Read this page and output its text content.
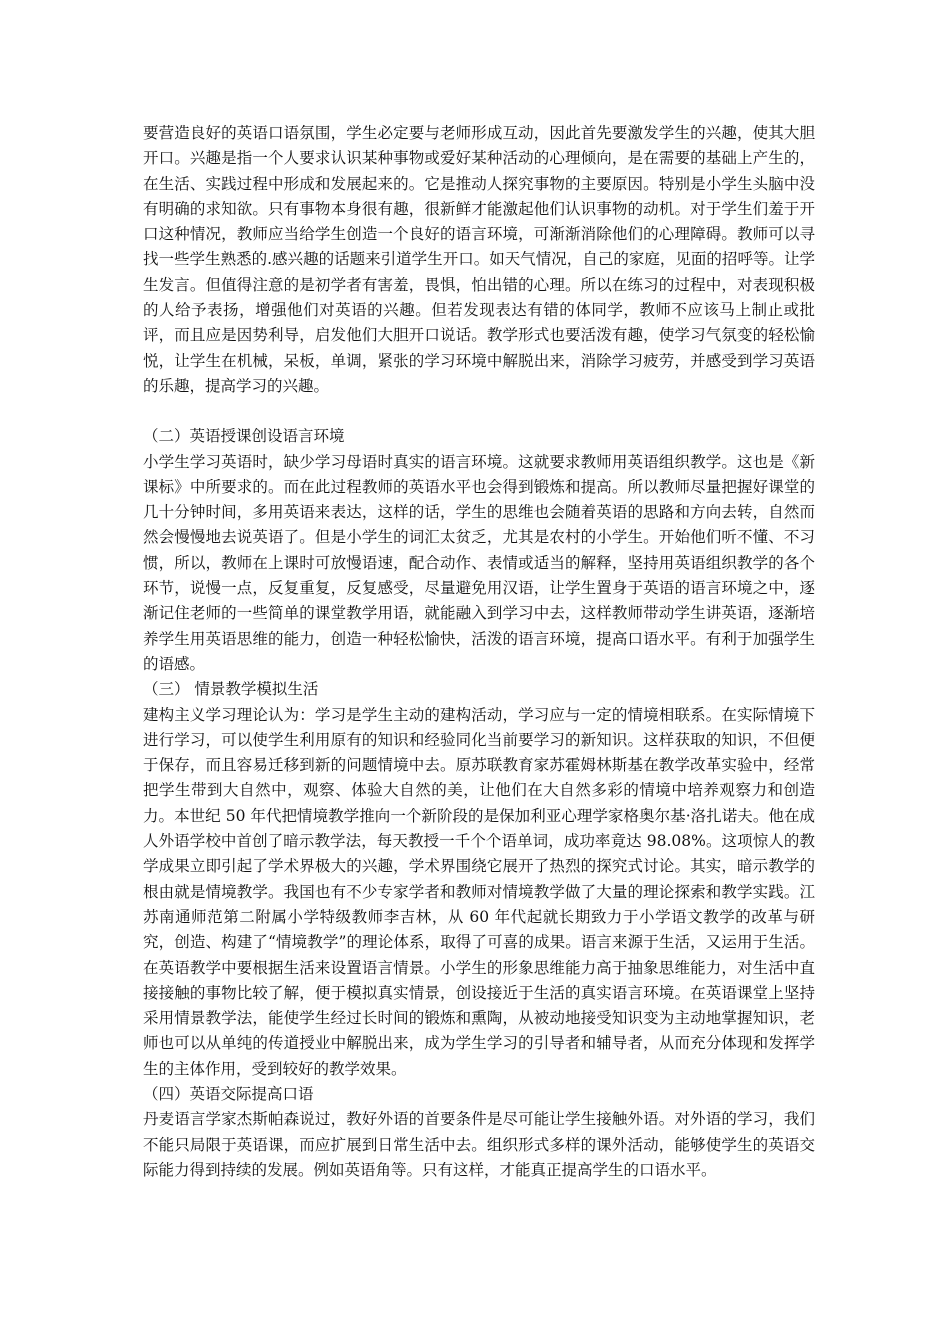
要营造良好的英语口语氛围，学生必定要与老师形成互动，因此首先要激发学生的兴趣，使其大胆开口。兴趣是指一个人要求认识某种事物或爱好某种活动的心理倾向，是在需要的基础上产生的，在生活、实践过程中形成和发展起来的。它是推动人探究事物的主要原因。特别是小学生头脑中没有明确的求知欲。只有事物本身很有趣，很新鲜才能激起他们认识事物的动机。对于学生们羞于开口这种情况，教师应当给学生创造一个良好的语言环境，可渐渐消除他们的心理障碍。教师可以寻找一些学生熟悉的.感兴趣的话题来引道学生开口。如天气情况，自己的家庭，见面的招呼等。让学生发言。但值得注意的是初学者有害羞，畏惧，怕出错的心理。所以在练习的过程中，对表现积极的人给予表扬，增强他们对英语的兴趣。但若发现表达有错的体同学，教师不应该马上制止或批评，而且应是因势利导，启发他们大胆开口说话。教学形式也要活泼有趣，使学习气氛变的轻松愉悦，让学生在机械，呆板，单调，紧张的学习环境中解脱出来，消除学习疲劳，并感受到学习英语的乐趣，提高学习的兴趣。

（二）英语授课创设语言环境

小学生学习英语时，缺少学习母语时真实的语言环境。这就要求教师用英语组织教学。这也是《新课标》中所要求的。而在此过程教师的英语水平也会得到锻炼和提高。所以教师尽量把握好课堂的几十分钟时间，多用英语来表达，这样的话，学生的思维也会随着英语的思路和方向去转，自然而然会慢慢地去说英语了。但是小学生的词汇太贫乏，尤其是农村的小学生。开始他们听不懂、不习惯，所以，教师在上课时可放慢语速，配合动作、表情或适当的解释，坚持用英语组织教学的各个环节，说慢一点，反复重复，反复感受，尽量避免用汉语，让学生置身于英语的语言环境之中，逐渐记住老师的一些简单的课堂教学用语，就能融入到学习中去，这样教师带动学生讲英语，逐渐培养学生用英语思维的能力，创造一种轻松愉快，活泼的语言环境，提高口语水平。有利于加强学生的语感。

（三） 情景教学模拟生活

建构主义学习理论认为：学习是学生主动的建构活动，学习应与一定的情境相联系。在实际情境下进行学习，可以使学生利用原有的知识和经验同化当前要学习的新知识。这样获取的知识，不但便于保存，而且容易迁移到新的问题情境中去。原苏联教育家苏霍姆林斯基在教学改革实验中，经常把学生带到大自然中，观察、体验大自然的美，让他们在大自然多彩的情境中培养观察力和创造力。本世纪 50 年代把情境教学推向一个新阶段的是保加利亚心理学家格奥尔基·洛扎诺夫。他在成人外语学校中首创了暗示教学法，每天教授一千个个语单词，成功率竟达 98.08%。这项惊人的教学成果立即引起了学术界极大的兴趣，学术界围绕它展开了热烈的探究式讨论。其实，暗示教学的根由就是情境教学。我国也有不少专家学者和教师对情境教学做了大量的理论探索和教学实践。江苏南通师范第二附属小学特级教师李吉林，从 60 年代起就长期致力于小学语文教学的改革与研究，创造、构建了“情境教学”的理论体系，取得了可喜的成果。语言来源于生活，又运用于生活。在英语教学中要根据生活来设置语言情景。小学生的形象思维能力高于抽象思维能力，对生活中直接接触的事物比较了解，便于模拟真实情景，创设接近于生活的真实语言环境。在英语课堂上坚持采用情景教学法，能使学生经过长时间的锻炼和熏陶，从被动地接受知识变为主动地掌握知识，老师也可以从单纯的传道授业中解脱出来，成为学生学习的引导者和辅导者，从而充分体现和发挥学生的主体作用，受到较好的教学效果。

（四）英语交际提高口语

丹麦语言学家杰斯帕森说过，教好外语的首要条件是尽可能让学生接触外语。对外语的学习，我们不能只局限于英语课，而应扩展到日常生活中去。组织形式多样的课外活动，能够使学生的英语交际能力得到持续的发展。例如英语角等。只有这样，才能真正提高学生的口语水平。
